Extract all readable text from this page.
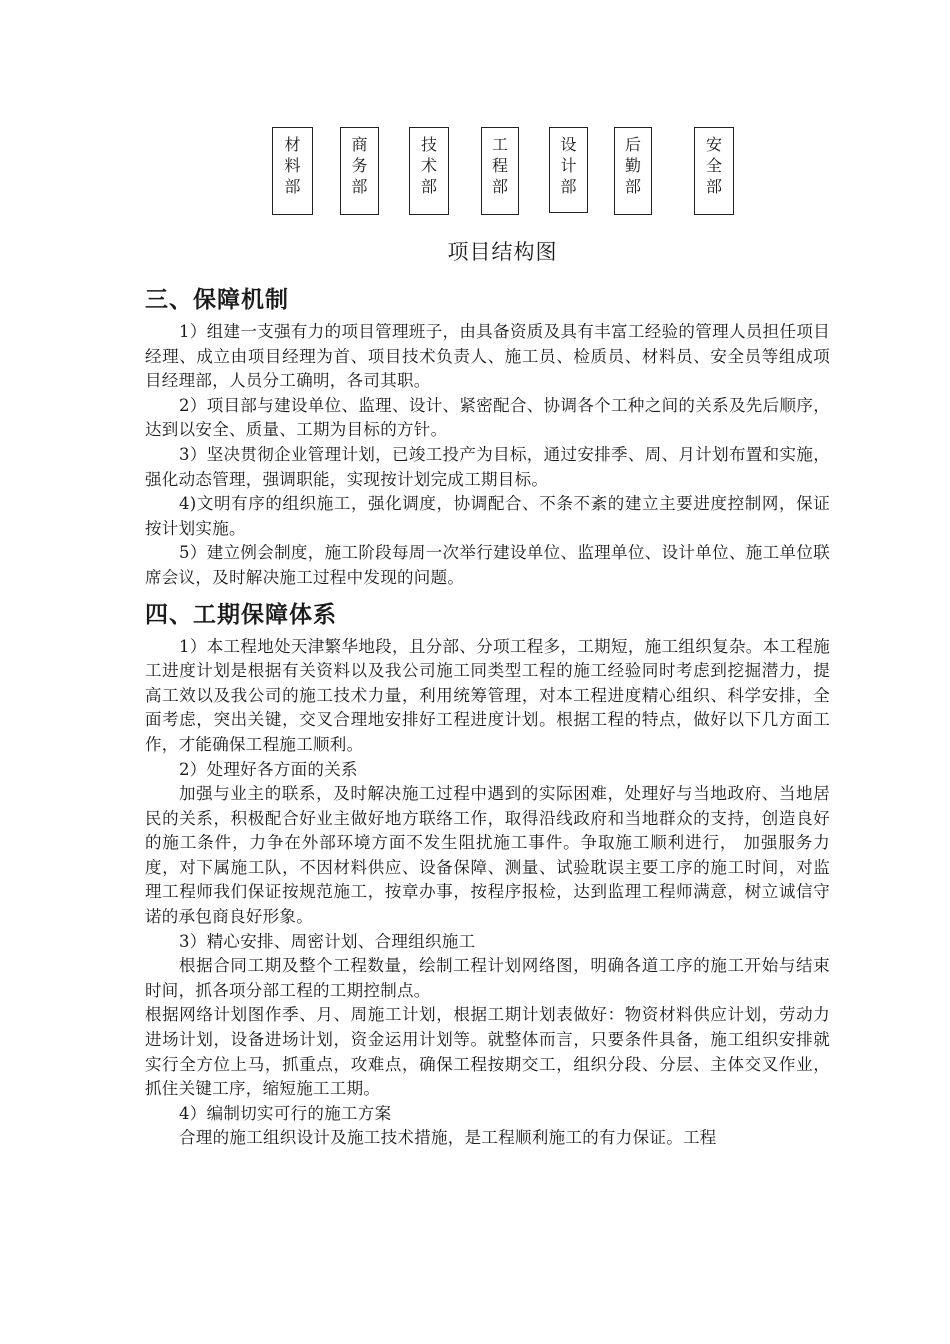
材
料
部
商
务
部
技
术
部
工
程
部
设
计
部
后
勤
部
安
全
部
项目结构图
三、保障机制

1）组建一支强有力的项目管理班子，由具备资质及具有丰富工经验的管理人员担任项目经理、成立由项目经理为首、项目技术负责人、施工员、检质员、材料员、安全员等组成项目经理部，人员分工确明，各司其职。

2）项目部与建设单位、监理、设计、紧密配合、协调各个工种之间的关系及先后顺序，达到以安全、质量、工期为目标的方针。

3）坚决贯彻企业管理计划，已竣工投产为目标，通过安排季、周、月计划布置和实施，强化动态管理，强调职能，实现按计划完成工期目标。

4)文明有序的组织施工，强化调度，协调配合、不条不紊的建立主要进度控制网，保证按计划实施。

5）建立例会制度，施工阶段每周一次举行建设单位、监理单位、设计单位、施工单位联席会议，及时解决施工过程中发现的问题。

四、工期保障体系

1）本工程地处天津繁华地段，且分部、分项工程多，工期短，施工组织复杂。本工程施工进度计划是根据有关资料以及我公司施工同类型工程的施工经验同时考虑到挖掘潜力，提高工效以及我公司的施工技术力量，利用统筹管理，对本工程进度精心组织、科学安排，全面考虑，突出关键，交叉合理地安排好工程进度计划。根据工程的特点，做好以下几方面工作，才能确保工程施工顺利。

2）处理好各方面的关系

加强与业主的联系，及时解决施工过程中遇到的实际困难，处理好与当地政府、当地居民的关系，积极配合好业主做好地方联络工作，取得沿线政府和当地群众的支持，创造良好的施工条件，力争在外部环境方面不发生阻扰施工事件。争取施工顺利进行， 加强服务力度，对下属施工队，不因材料供应、设备保障、测量、试验耽误主要工序的施工时间，对监理工程师我们保证按规范施工，按章办事，按程序报检，达到监理工程师满意，树立诚信守诺的承包商良好形象。

3）精心安排、周密计划、合理组织施工

根据合同工期及整个工程数量，绘制工程计划网络图，明确各道工序的施工开始与结束时间，抓各项分部工程的工期控制点。

根据网络计划图作季、月、周施工计划，根据工期计划表做好：物资材料供应计划，劳动力进场计划，设备进场计划，资金运用计划等。就整体而言，只要条件具备，施工组织安排就实行全方位上马，抓重点，攻难点，确保工程按期交工，组织分段、分层、主体交叉作业，抓住关键工序，缩短施工工期。

4）编制切实可行的施工方案

合理的施工组织设计及施工技术措施，是工程顺利施工的有力保证。工程
